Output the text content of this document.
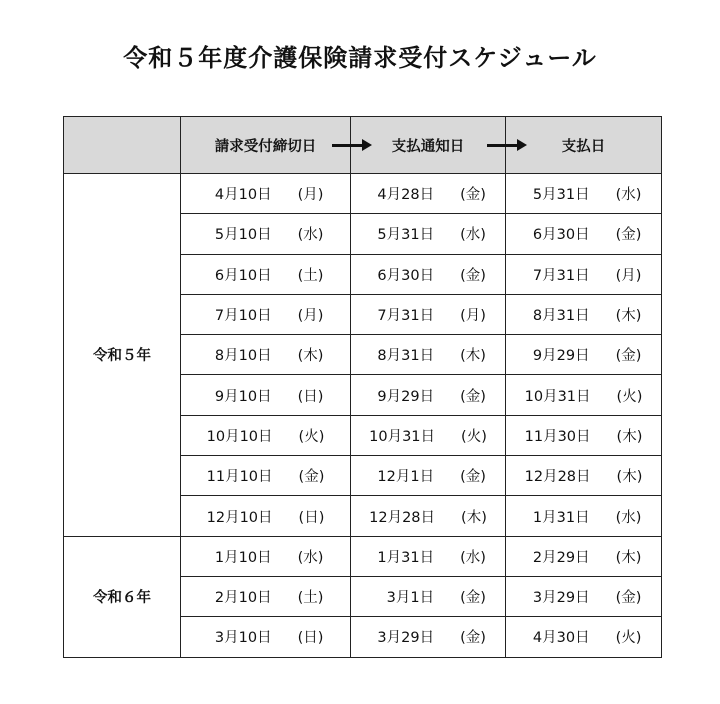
令和５年度介護保険請求受付スケジュール

	請求受付締切日	支払通知日	支払日

令和５年	4月10日 (月)	4月28日 (金)	5月31日 (水)

	5月10日 (水)	5月31日 (水)	6月30日 (金)

	6月10日 (土)	6月30日 (金)	7月31日 (月)

	7月10日 (月)	7月31日 (月)	8月31日 (木)

	8月10日 (木)	8月31日 (木)	9月29日 (金)

	9月10日 (日)	9月29日 (金)	10月31日 (火)

	10月10日 (火)	10月31日 (火)	11月30日 (木)

	11月10日 (金)	12月1日 (金)	12月28日 (木)

	12月10日 (日)	12月28日 (木)	1月31日 (水)

令和６年	1月10日 (水)	1月31日 (水)	2月29日 (木)

	2月10日 (土)	3月1日 (金)	3月29日 (金)

	3月10日 (日)	3月29日 (金)	4月30日 (火)
